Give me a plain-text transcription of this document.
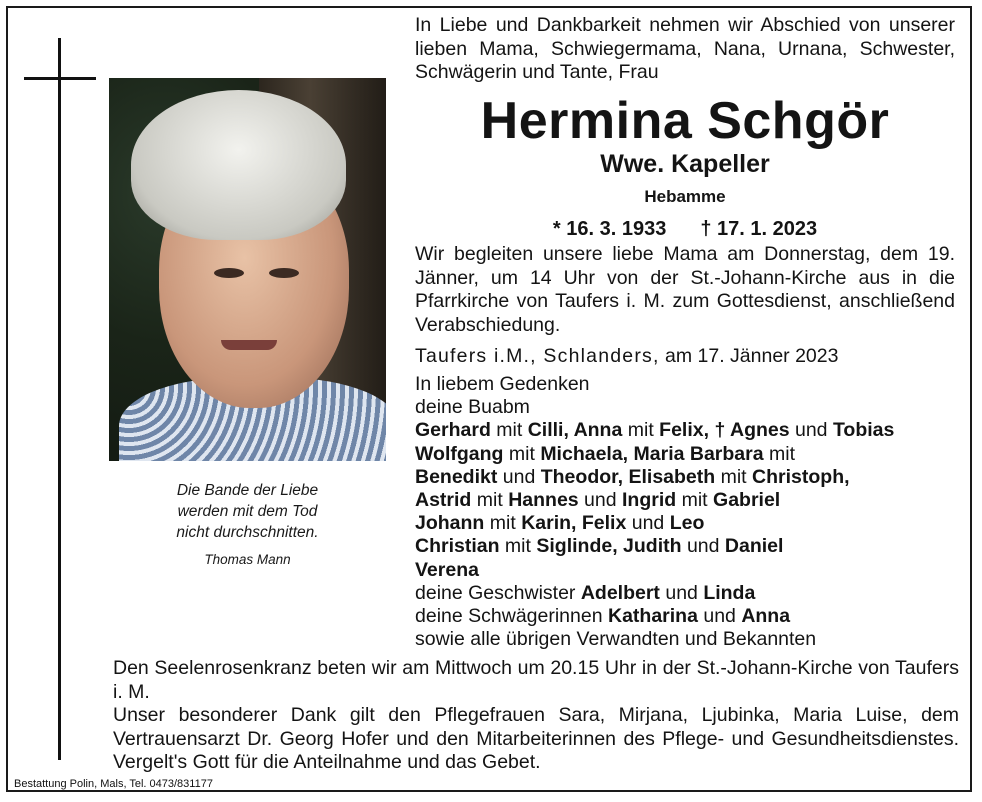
Die Bande der Liebe
werden mit dem Tod
nicht durchschnitten.
Thomas Mann
In Liebe und Dankbarkeit nehmen wir Abschied von unserer lieben Mama, Schwiegermama, Nana, Urnana, Schwester, Schwägerin und Tante, Frau
Hermina Schgör
Wwe. Kapeller
Hebamme
* 16. 3. 1933 † 17. 1. 2023
Wir begleiten unsere liebe Mama am Donnerstag, dem 19. Jänner, um 14 Uhr von der St.-Johann-Kirche aus in die Pfarrkirche von Taufers i. M. zum Gottesdienst, anschließend Verabschiedung.
Taufers i.M., Schlanders, am 17. Jänner 2023
In liebem Gedenken
deine Buabm
Gerhard mit Cilli, Anna mit Felix, † Agnes und Tobias
Wolfgang mit Michaela, Maria Barbara mit
Benedikt und Theodor, Elisabeth mit Christoph,
Astrid mit Hannes und Ingrid mit Gabriel
Johann mit Karin, Felix und Leo
Christian mit Siglinde, Judith und Daniel
Verena
deine Geschwister Adelbert und Linda
deine Schwägerinnen Katharina und Anna
sowie alle übrigen Verwandten und Bekannten
Den Seelenrosenkranz beten wir am Mittwoch um 20.15 Uhr in der St.-Johann-Kirche von Taufers i. M.
Unser besonderer Dank gilt den Pflegefrauen Sara, Mirjana, Ljubinka, Maria Luise, dem Vertrauensarzt Dr. Georg Hofer und den Mitarbeiterinnen des Pflege- und Gesundheitsdienstes. Vergelt's Gott für die Anteilnahme und das Gebet.
Bestattung Polin, Mals, Tel. 0473/831177
